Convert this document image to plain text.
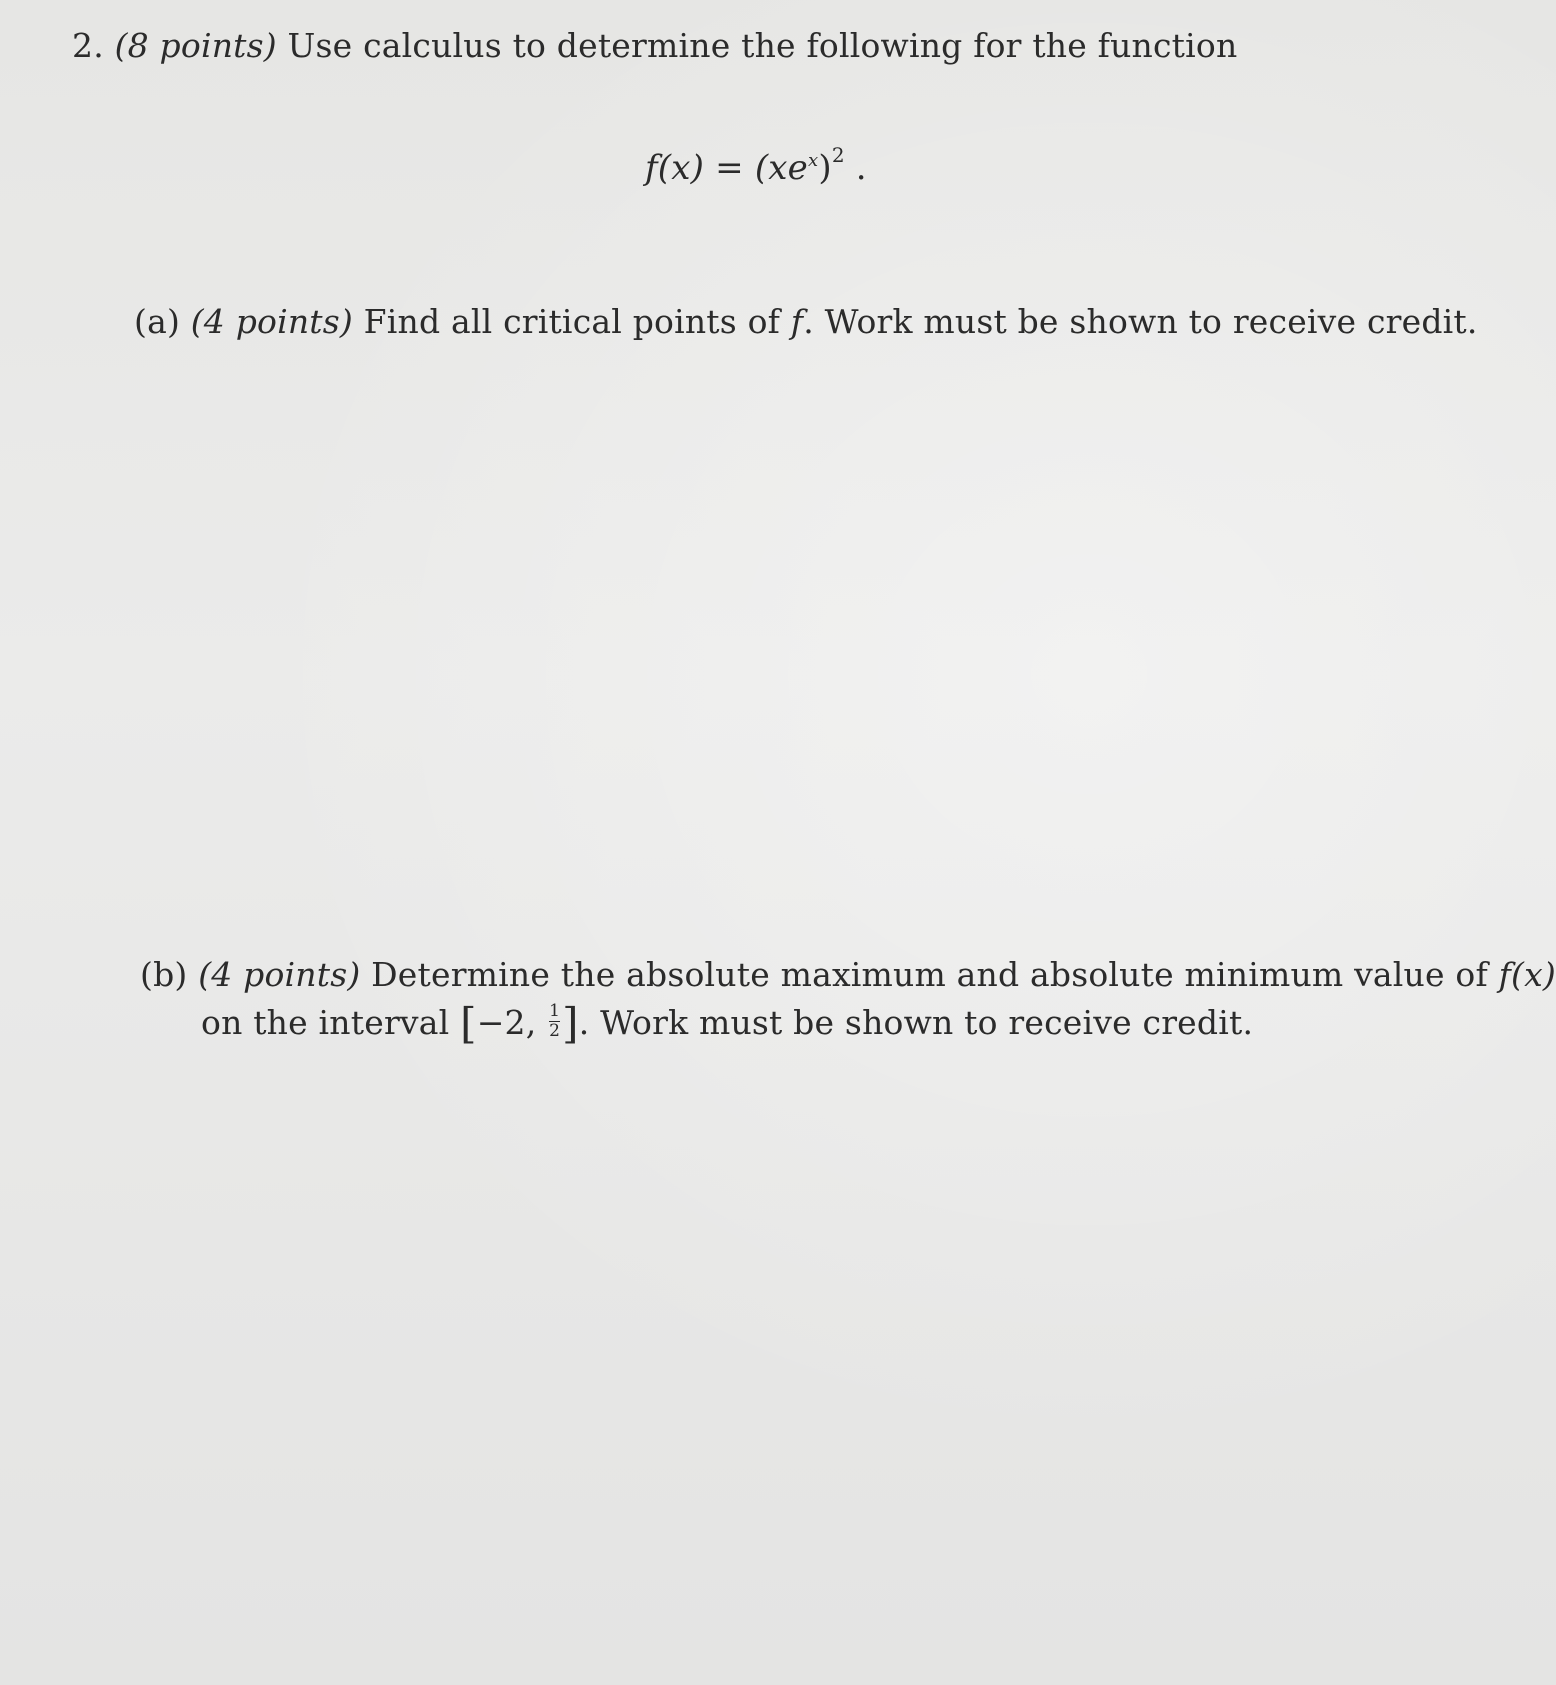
2. (8 points) Use calculus to determine the following for the function
$f(x) = (xe^x)^2$ .
(a) (4 points) Find all critical points of f. Work must be shown to receive credit.
(b) (4 points) Determine the absolute maximum and absolute minimum value of f(x)
on the interval [−2, $\frac{1}{2}$]. Work must be shown to receive credit.
